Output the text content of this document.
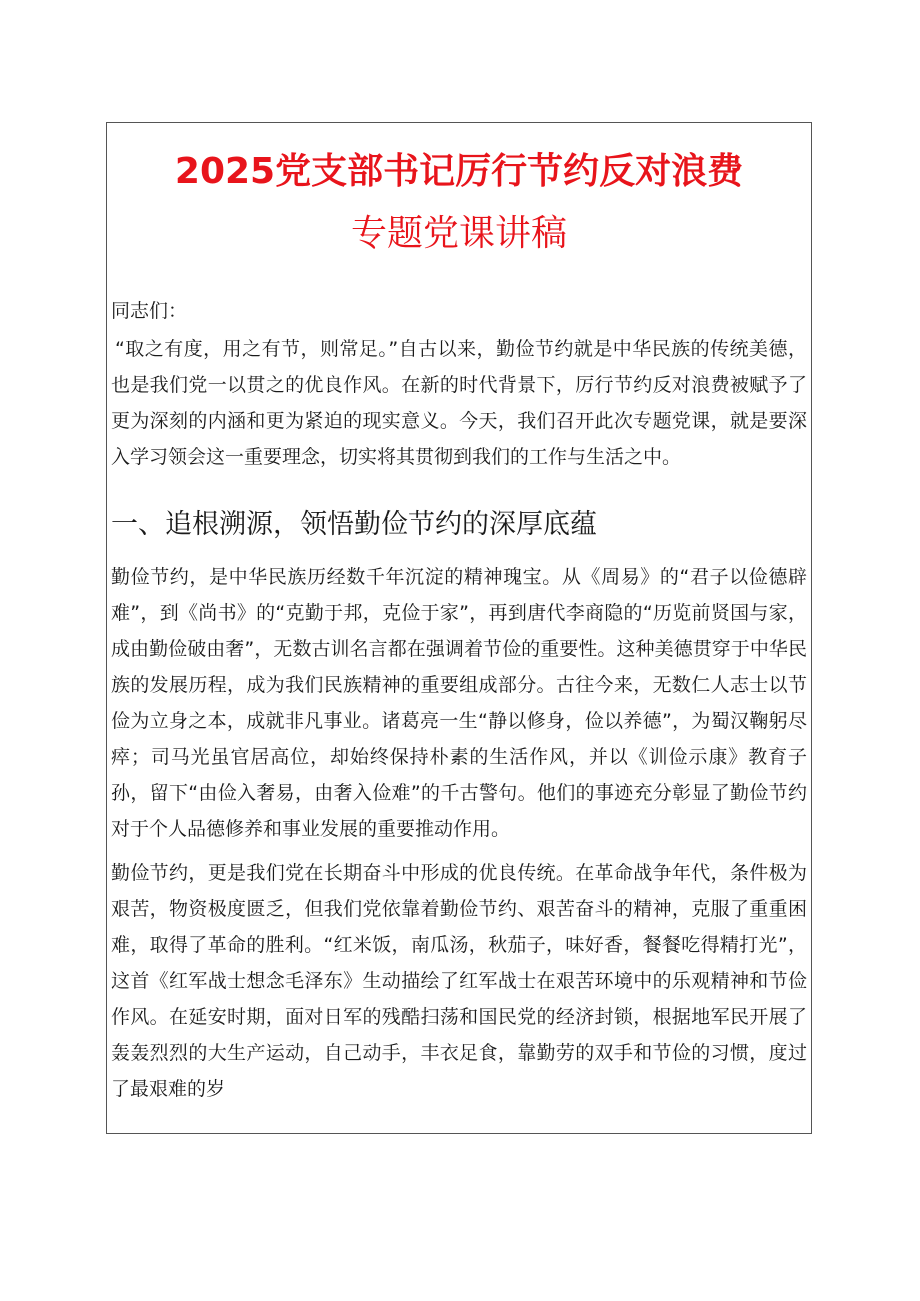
2025党支部书记厉行节约反对浪费
专题党课讲稿

同志们：

“取之有度，用之有节，则常足。”自古以来，勤俭节约就是中华民族的传统美德，也是我们党一以贯之的优良作风。在新的时代背景下，厉行节约反对浪费被赋予了更为深刻的内涵和更为紧迫的现实意义。今天，我们召开此次专题党课，就是要深入学习领会这一重要理念，切实将其贯彻到我们的工作与生活之中。

一、追根溯源，领悟勤俭节约的深厚底蕴

勤俭节约，是中华民族历经数千年沉淀的精神瑰宝。从《周易》的“君子以俭德辟难”，到《尚书》的“克勤于邦，克俭于家”，再到唐代李商隐的“历览前贤国与家，成由勤俭破由奢”，无数古训名言都在强调着节俭的重要性。这种美德贯穿于中华民族的发展历程，成为我们民族精神的重要组成部分。古往今来，无数仁人志士以节俭为立身之本，成就非凡事业。诸葛亮一生“静以修身，俭以养德”，为蜀汉鞠躬尽瘁；司马光虽官居高位，却始终保持朴素的生活作风，并以《训俭示康》教育子孙，留下“由俭入奢易，由奢入俭难”的千古警句。他们的事迹充分彰显了勤俭节约对于个人品德修养和事业发展的重要推动作用。

勤俭节约，更是我们党在长期奋斗中形成的优良传统。在革命战争年代，条件极为艰苦，物资极度匮乏，但我们党依靠着勤俭节约、艰苦奋斗的精神，克服了重重困难，取得了革命的胜利。“红米饭，南瓜汤，秋茄子，味好香，餐餐吃得精打光”，这首《红军战士想念毛泽东》生动描绘了红军战士在艰苦环境中的乐观精神和节俭作风。在延安时期，面对日军的残酷扫荡和国民党的经济封锁，根据地军民开展了轰轰烈烈的大生产运动，自己动手，丰衣足食，靠勤劳的双手和节俭的习惯，度过了最艰难的岁
